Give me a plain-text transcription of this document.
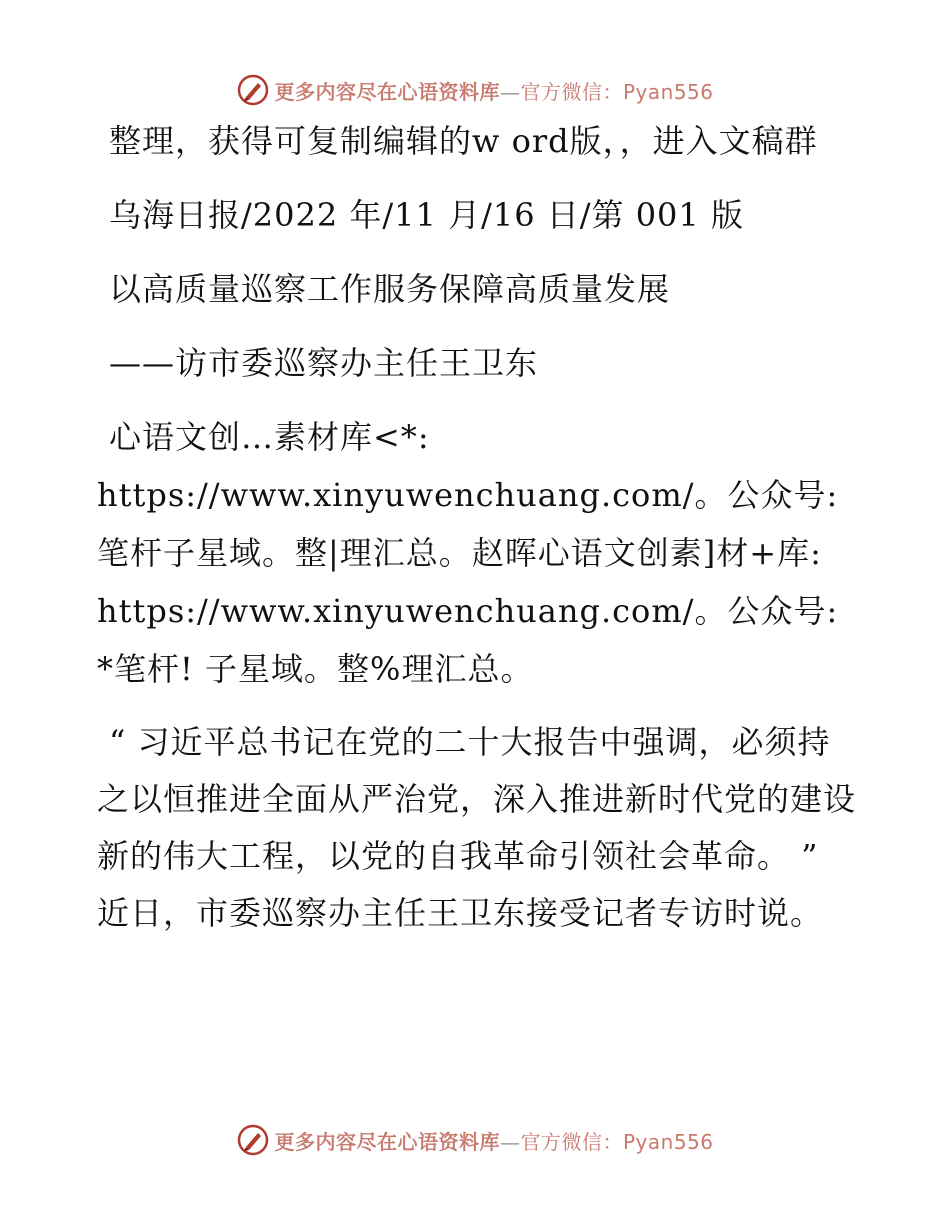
更多内容尽在心语资料库—官方微信：Pyan556

整理，获得可复制编辑的w ord版，，进入文稿群

乌海日报/2022 年/11 月/16 日/第 001 版

以高质量巡察工作服务保障高质量发展

——访市委巡察办主任王卫东

心语文创…素材库<*: https://www.xinyuwenchuang.com/。公众号: 笔杆子星域。整|理汇总。赵晖心语文创素]材+库: https://www.xinyuwenchuang.com/。公众号: *笔杆! 子星域。整%理汇总。

“ 习近平总书记在党的二十大报告中强调，必须持之以恒推进全面从严治党，深入推进新时代党的建设新的伟大工程，以党的自我革命引领社会革命。 ” 近日，市委巡察办主任王卫东接受记者专访时说。

更多内容尽在心语资料库—官方微信：Pyan556
